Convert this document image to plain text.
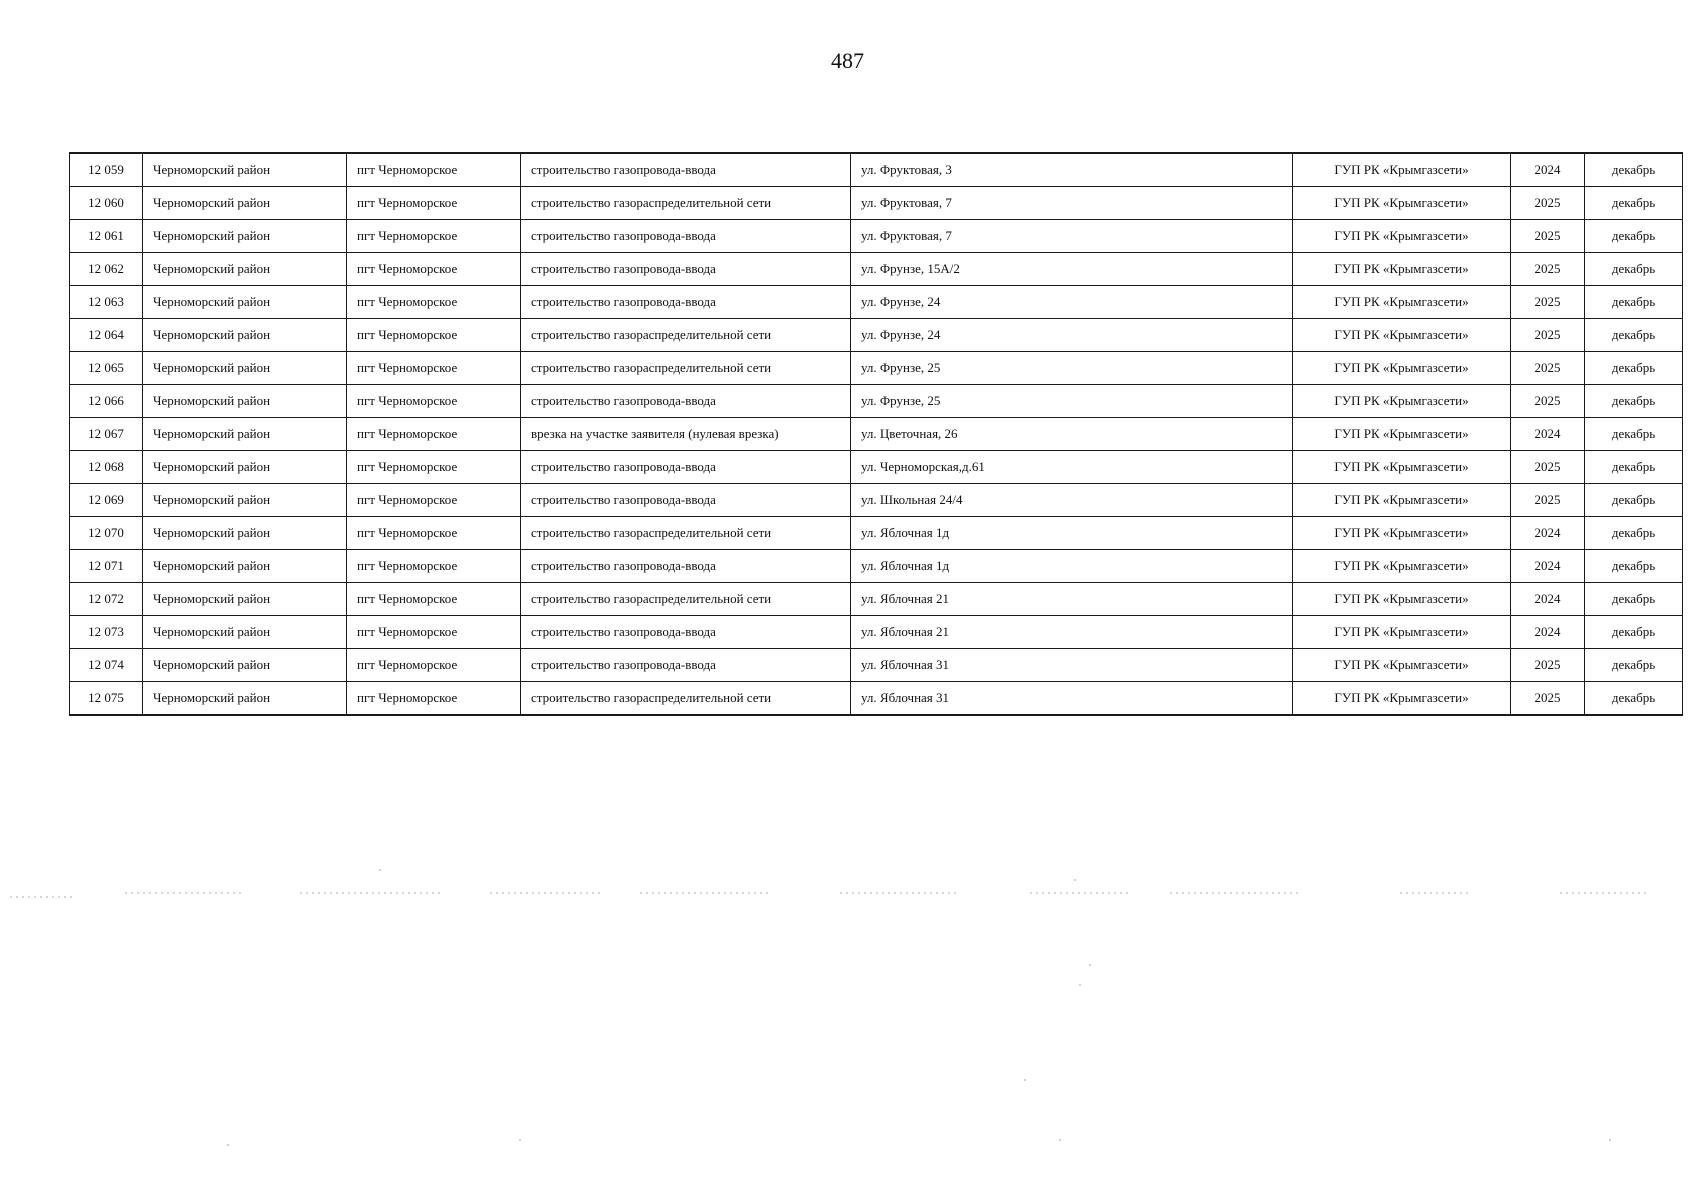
487
12 059	Черноморский район	пгт Черноморское	строительство газопровода-ввода	ул. Фруктовая, 3	ГУП РК «Крымгазсети»	2024	декабрь
12 060	Черноморский район	пгт Черноморское	строительство газораспределительной сети	ул. Фруктовая, 7	ГУП РК «Крымгазсети»	2025	декабрь
12 061	Черноморский район	пгт Черноморское	строительство газопровода-ввода	ул. Фруктовая, 7	ГУП РК «Крымгазсети»	2025	декабрь
12 062	Черноморский район	пгт Черноморское	строительство газопровода-ввода	ул. Фрунзе, 15А/2	ГУП РК «Крымгазсети»	2025	декабрь
12 063	Черноморский район	пгт Черноморское	строительство газопровода-ввода	ул. Фрунзе, 24	ГУП РК «Крымгазсети»	2025	декабрь
12 064	Черноморский район	пгт Черноморское	строительство газораспределительной сети	ул. Фрунзе, 24	ГУП РК «Крымгазсети»	2025	декабрь
12 065	Черноморский район	пгт Черноморское	строительство газораспределительной сети	ул. Фрунзе, 25	ГУП РК «Крымгазсети»	2025	декабрь
12 066	Черноморский район	пгт Черноморское	строительство газопровода-ввода	ул. Фрунзе, 25	ГУП РК «Крымгазсети»	2025	декабрь
12 067	Черноморский район	пгт Черноморское	врезка на участке заявителя (нулевая врезка)	ул. Цветочная, 26	ГУП РК «Крымгазсети»	2024	декабрь
12 068	Черноморский район	пгт Черноморское	строительство газопровода-ввода	ул. Черноморская,д.61	ГУП РК «Крымгазсети»	2025	декабрь
12 069	Черноморский район	пгт Черноморское	строительство газопровода-ввода	ул. Школьная 24/4	ГУП РК «Крымгазсети»	2025	декабрь
12 070	Черноморский район	пгт Черноморское	строительство газораспределительной сети	ул. Яблочная 1д	ГУП РК «Крымгазсети»	2024	декабрь
12 071	Черноморский район	пгт Черноморское	строительство газопровода-ввода	ул. Яблочная 1д	ГУП РК «Крымгазсети»	2024	декабрь
12 072	Черноморский район	пгт Черноморское	строительство газораспределительной сети	ул. Яблочная 21	ГУП РК «Крымгазсети»	2024	декабрь
12 073	Черноморский район	пгт Черноморское	строительство газопровода-ввода	ул. Яблочная 21	ГУП РК «Крымгазсети»	2024	декабрь
12 074	Черноморский район	пгт Черноморское	строительство газопровода-ввода	ул. Яблочная 31	ГУП РК «Крымгазсети»	2025	декабрь
12 075	Черноморский район	пгт Черноморское	строительство газораспределительной сети	ул. Яблочная 31	ГУП РК «Крымгазсети»	2025	декабрь
